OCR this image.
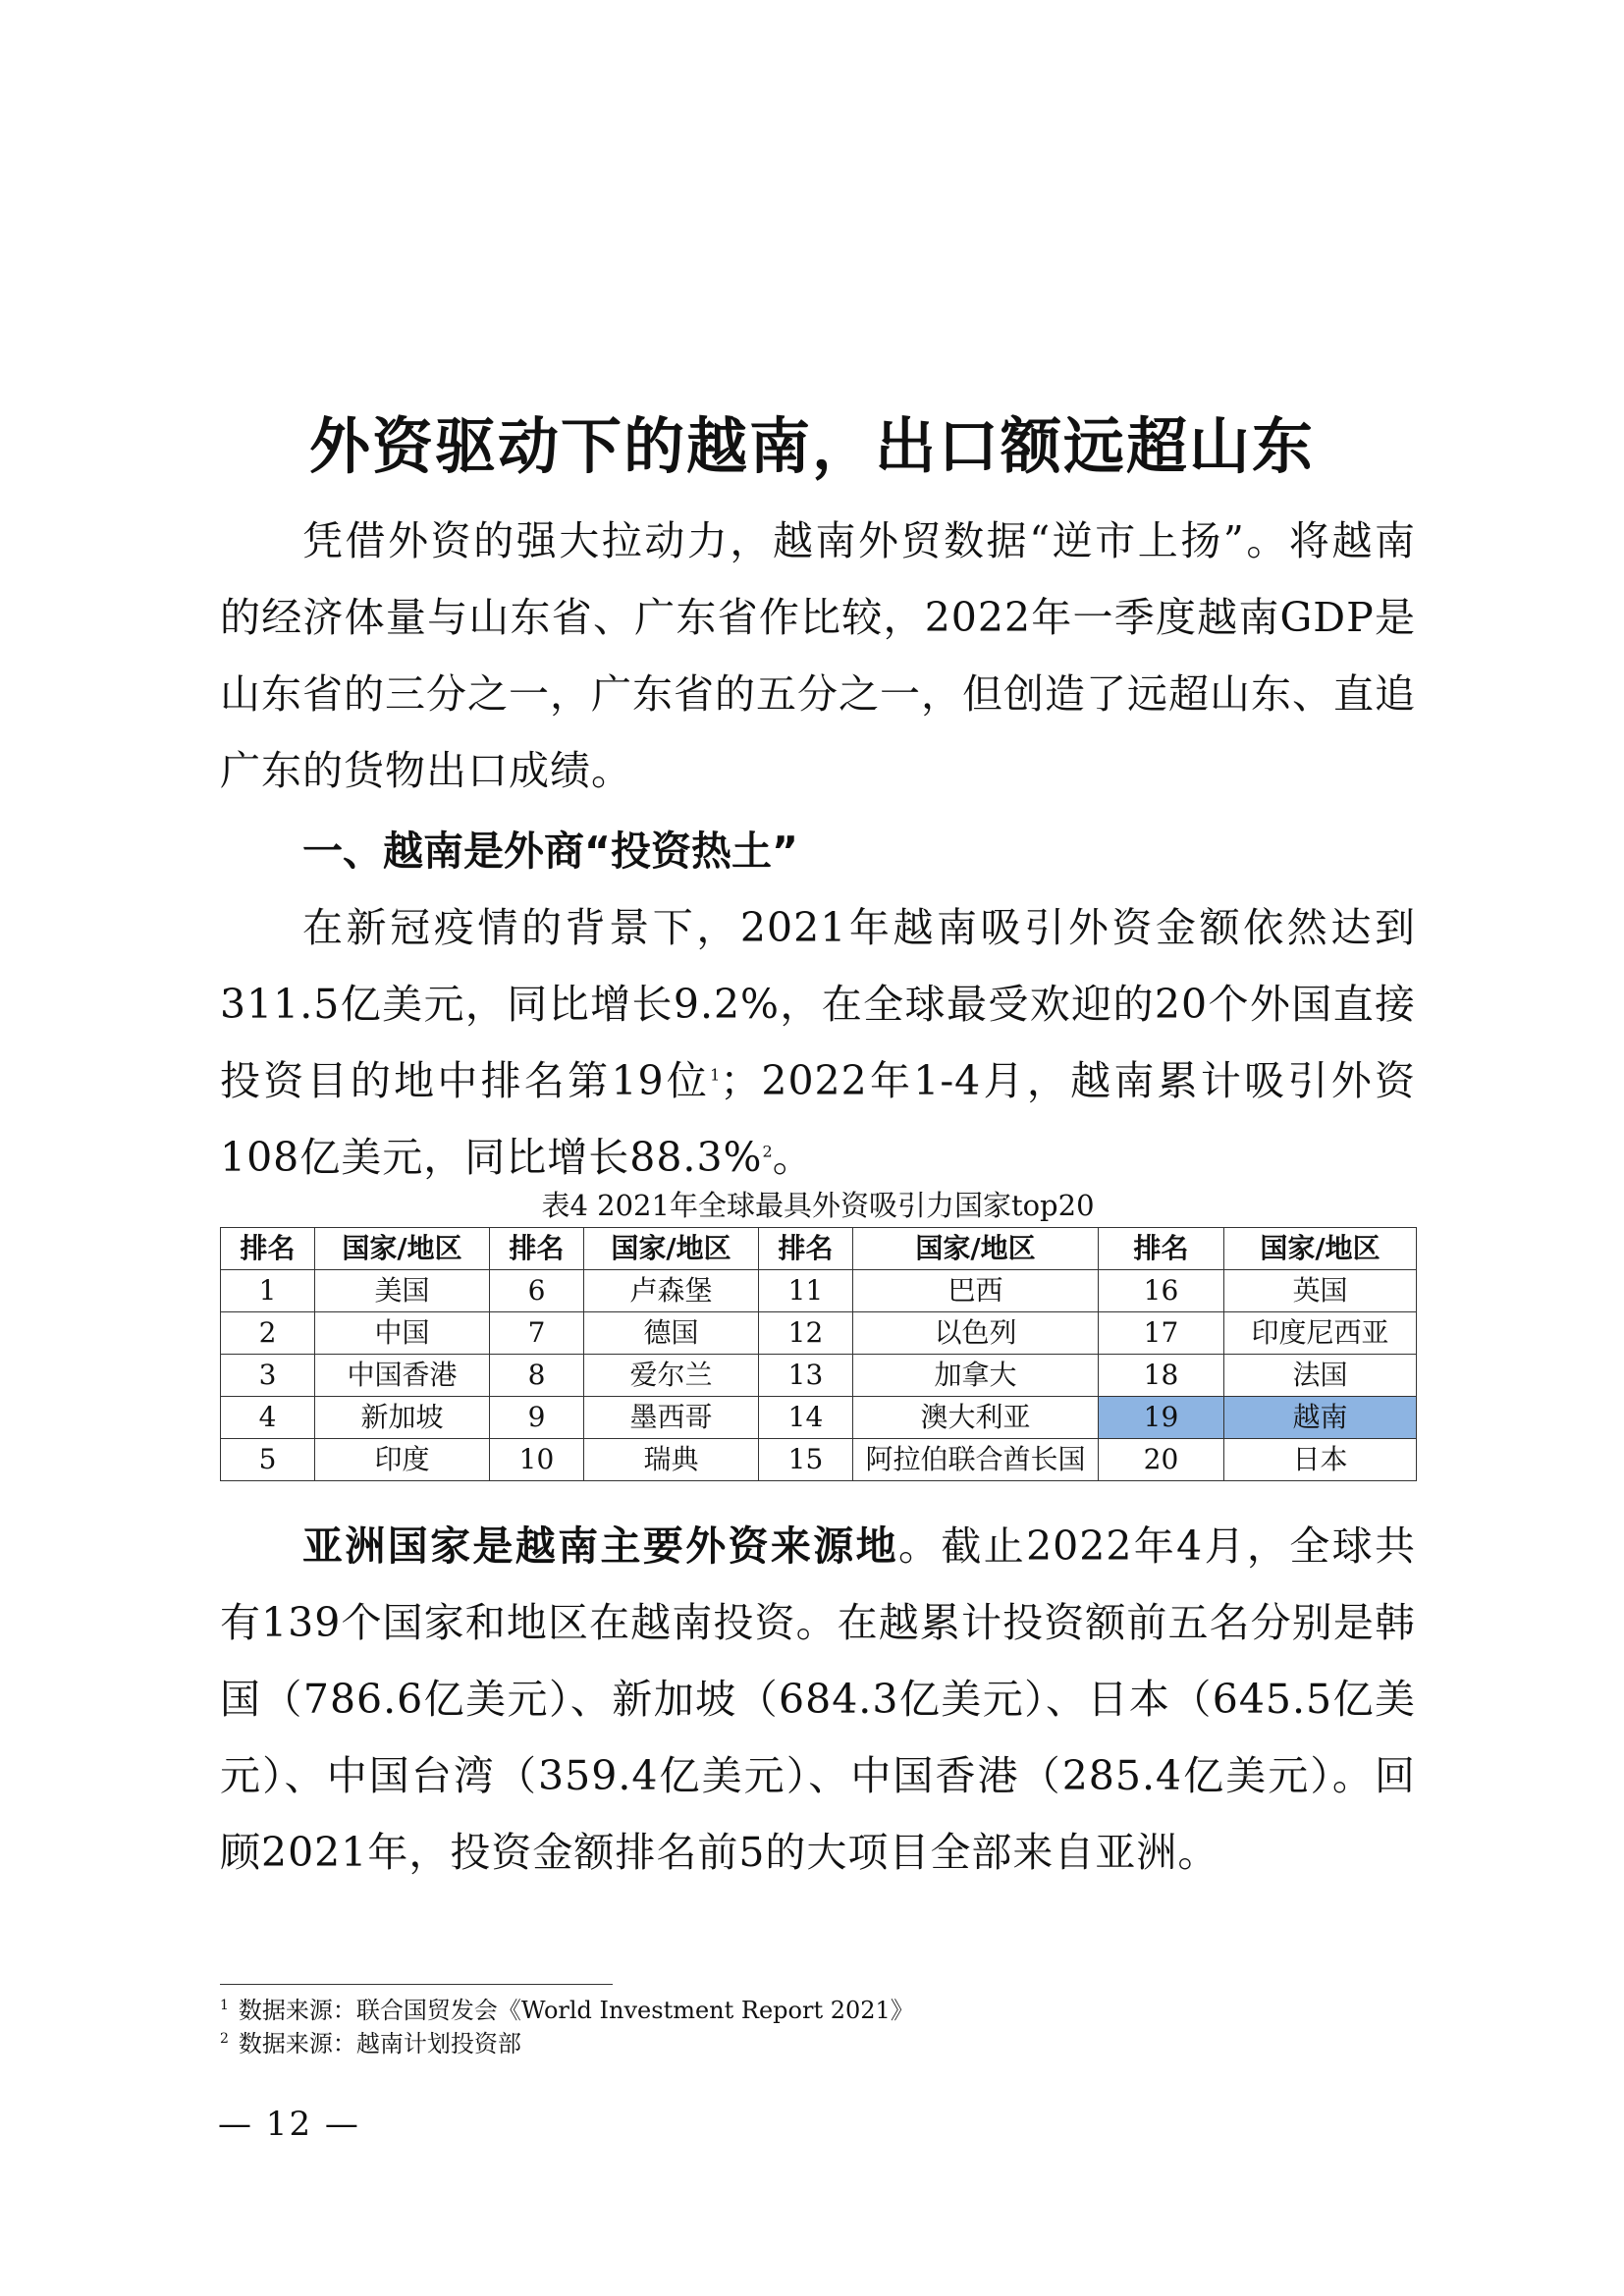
外资驱动下的越南，出口额远超山东

凭借外资的强大拉动力，越南外贸数据“逆市上扬”。将越南的经济体量与山东省、广东省作比较，2022年一季度越南GDP是山东省的三分之一，广东省的五分之一，但创造了远超山东、直追广东的货物出口成绩。

一、越南是外商“投资热土”

在新冠疫情的背景下，2021年越南吸引外资金额依然达到311.5亿美元，同比增长9.2%，在全球最受欢迎的20个外国直接投资目的地中排名第19位$^1$；2022年1-4月，越南累计吸引外资108亿美元，同比增长88.3%$^2$。

表4 2021年全球最具外资吸引力国家top20
排名	国家/地区	排名	国家/地区	排名	国家/地区	排名	国家/地区
1	美国	6	卢森堡	11	巴西	16	英国
2	中国	7	德国	12	以色列	17	印度尼西亚
3	中国香港	8	爱尔兰	13	加拿大	18	法国
4	新加坡	9	墨西哥	14	澳大利亚	19	越南
5	印度	10	瑞典	15	阿拉伯联合酋长国	20	日本

亚洲国家是越南主要外资来源地。截止2022年4月，全球共有139个国家和地区在越南投资。在越累计投资额前五名分别是韩国（786.6亿美元）、新加坡（684.3亿美元）、日本（645.5亿美元）、中国台湾（359.4亿美元）、中国香港（285.4亿美元）。回顾2021年，投资金额排名前5的大项目全部来自亚洲。

$^1$ 数据来源：联合国贸发会《World Investment Report 2021》

$^2$ 数据来源：越南计划投资部

— 12 —
